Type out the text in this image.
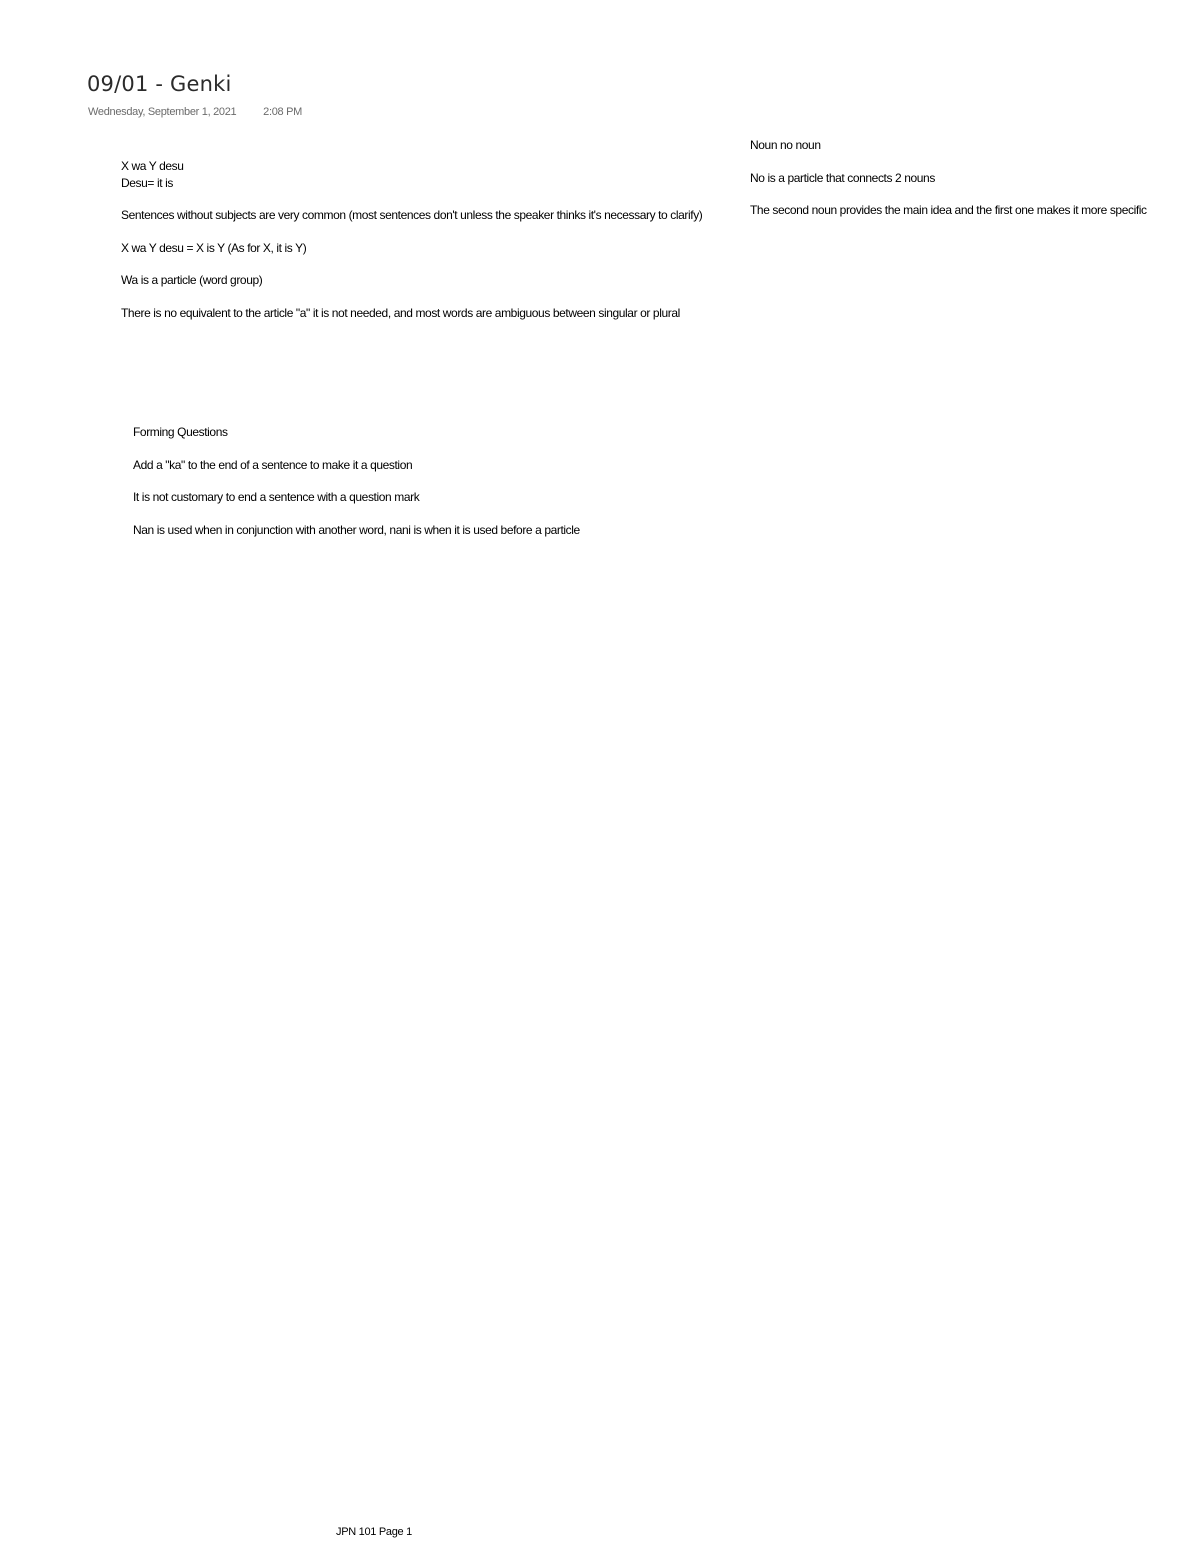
09/01 - Genki
Wednesday, September 1, 2021 2:08 PM

X wa Y desu
Desu= it is

Sentences without subjects are very common (most sentences don't unless the speaker thinks it's necessary to clarify)

X wa Y desu = X is Y (As for X, it is Y)

Wa is a particle (word group)

There is no equivalent to the article "a" it is not needed, and most words are ambiguous between singular or plural

Forming Questions

Add a "ka" to the end of a sentence to make it a question

It is not customary to end a sentence with a question mark

Nan is used when in conjunction with another word, nani is when it is used before a particle

Noun no noun

No is a particle that connects 2 nouns

The second noun provides the main idea and the first one makes it more specific

JPN 101 Page 1
